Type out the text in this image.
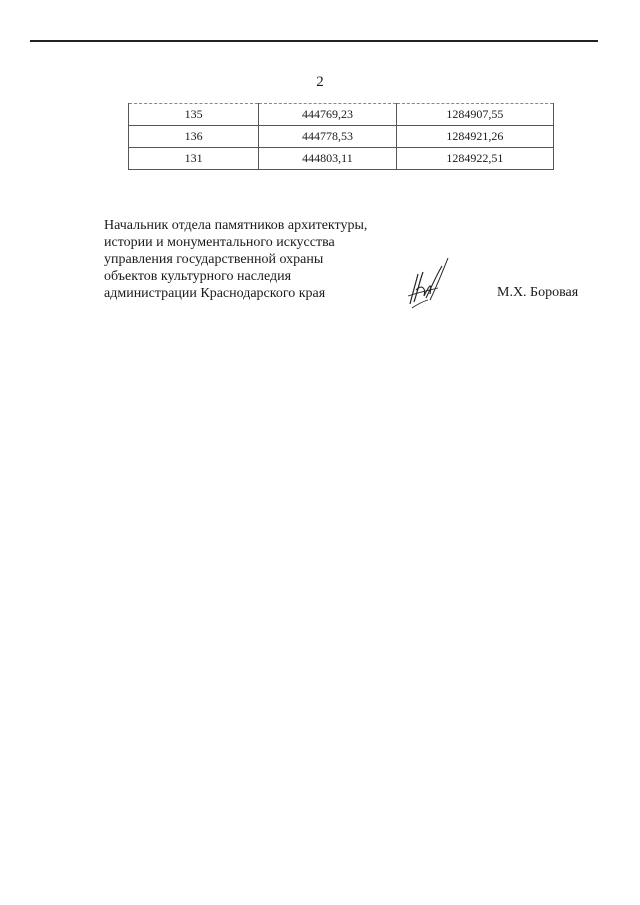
2
135	444769,23	1284907,55
136	444778,53	1284921,26
131	444803,11	1284922,51
Начальник отдела памятников архитектуры,
истории и монументального искусства
управления государственной охраны
объектов культурного наследия
администрации Краснодарского края	М.Х. Боровая
